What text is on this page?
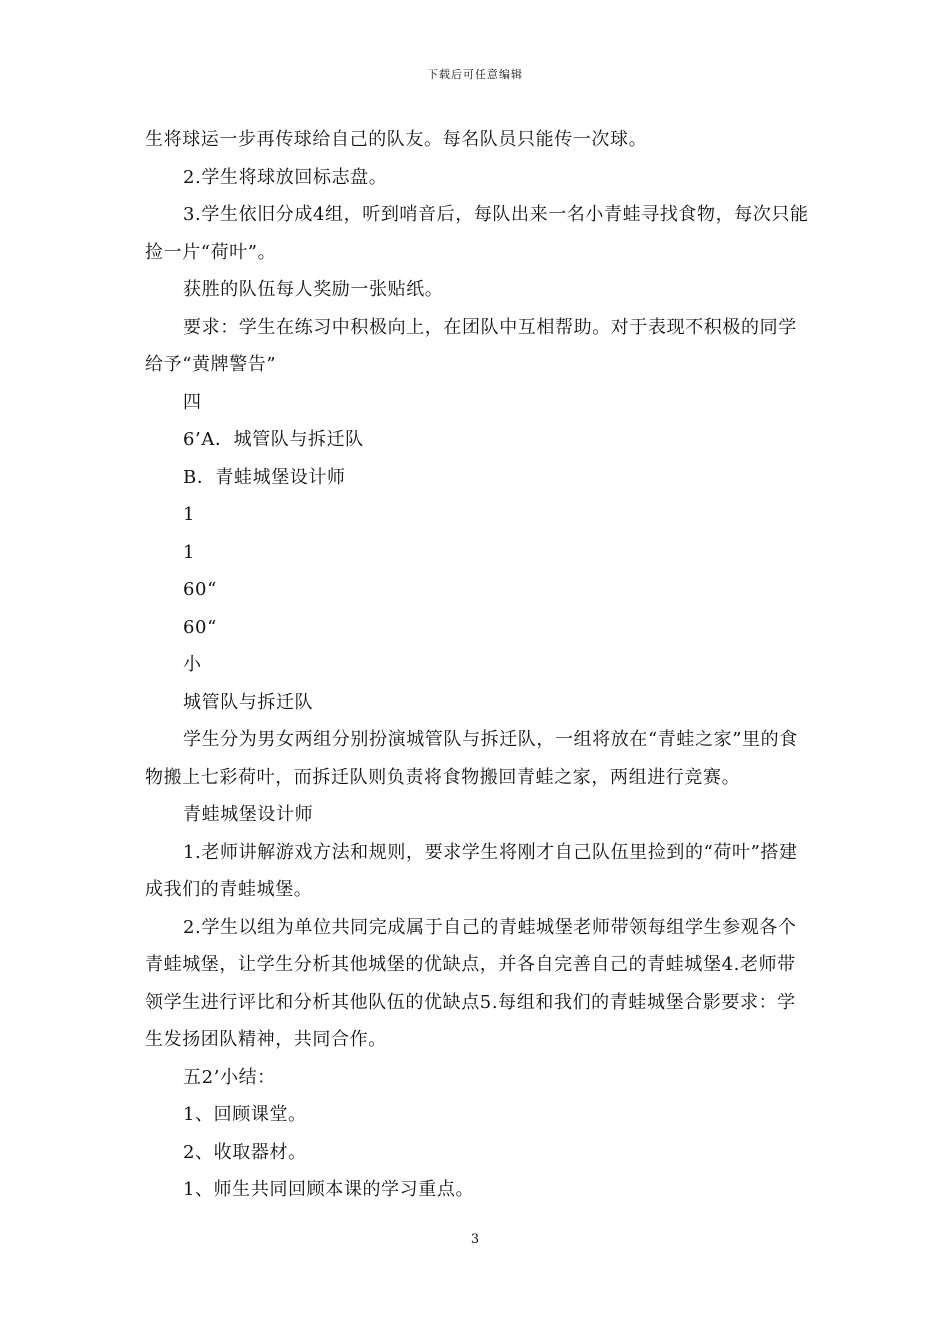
下载后可任意编辑

生将球运一步再传球给自己的队友。每名队员只能传一次球。

2.学生将球放回标志盘。

3.学生依旧分成4组，听到哨音后，每队出来一名小青蛙寻找食物，每次只能捡一片“荷叶”。

获胜的队伍每人奖励一张贴纸。

要求：学生在练习中积极向上，在团队中互相帮助。对于表现不积极的同学给予“黄牌警告”

四

6’A．城管队与拆迁队

B．青蛙城堡设计师

1

1

60“

60“

小

城管队与拆迁队

学生分为男女两组分别扮演城管队与拆迁队，一组将放在“青蛙之家”里的食物搬上七彩荷叶，而拆迁队则负责将食物搬回青蛙之家，两组进行竞赛。

青蛙城堡设计师

1.老师讲解游戏方法和规则，要求学生将刚才自己队伍里捡到的“荷叶”搭建成我们的青蛙城堡。

2.学生以组为单位共同完成属于自己的青蛙城堡老师带领每组学生参观各个青蛙城堡，让学生分析其他城堡的优缺点，并各自完善自己的青蛙城堡4.老师带领学生进行评比和分析其他队伍的优缺点5.每组和我们的青蛙城堡合影要求：学生发扬团队精神，共同合作。

五2’小结：

1、回顾课堂。

2、收取器材。

1、师生共同回顾本课的学习重点。

3
